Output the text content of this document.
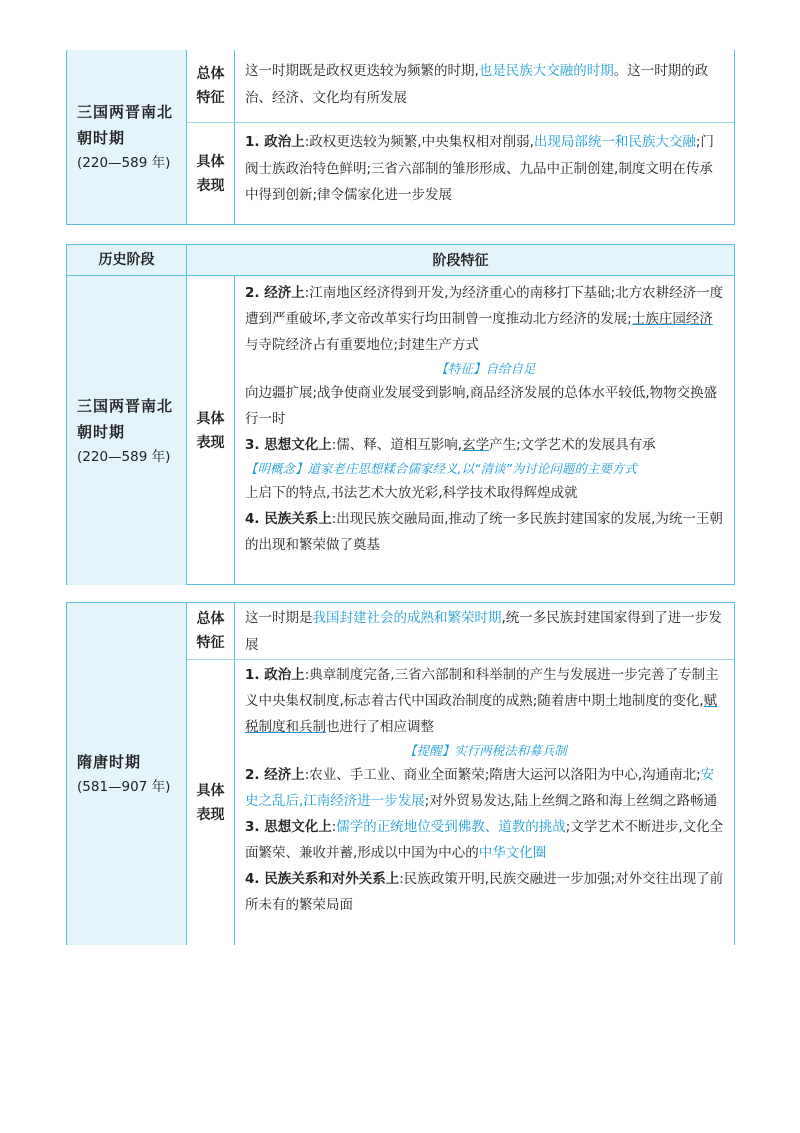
三国两晋南北朝时期
(220—589 年)
总体
特征
这一时期既是政权更迭较为频繁的时期,也是民族大交融的时期。这一时期的政治、经济、文化均有所发展
具体
表现
1. 政治上:政权更迭较为频繁,中央集权相对削弱,出现局部统一和民族大交融;门阀士族政治特色鲜明;三省六部制的雏形形成、九品中正制创建,制度文明在传承中得到创新;律令儒家化进一步发展
历史阶段	阶段特征
三国两晋南北朝时期
(220—589 年)
具体
表现
2. 经济上:江南地区经济得到开发,为经济重心的南移打下基础;北方农耕经济一度遭到严重破坏,孝文帝改革实行均田制曾一度推动北方经济的发展;士族庄园经济与寺院经济占有重要地位;封建生产方式
【特征】自给自足
向边疆扩展;战争使商业发展受到影响,商品经济发展的总体水平较低,物物交换盛行一时
3. 思想文化上:儒、释、道相互影响,玄学产生;文学艺术的发展具有承
【明概念】道家老庄思想糅合儒家经义,以“清谈”为讨论问题的主要方式
上启下的特点,书法艺术大放光彩,科学技术取得辉煌成就
4. 民族关系上:出现民族交融局面,推动了统一多民族封建国家的发展,为统一王朝的出现和繁荣做了奠基
隋唐时期
(581—907 年)
总体
特征
这一时期是我国封建社会的成熟和繁荣时期,统一多民族封建国家得到了进一步发展
具体
表现
1. 政治上:典章制度完备,三省六部制和科举制的产生与发展进一步完善了专制主义中央集权制度,标志着古代中国政治制度的成熟;随着唐中期土地制度的变化,赋税制度和兵制也进行了相应调整
【提醒】实行两税法和募兵制
2. 经济上:农业、手工业、商业全面繁荣;隋唐大运河以洛阳为中心,沟通南北;安史之乱后,江南经济进一步发展;对外贸易发达,陆上丝绸之路和海上丝绸之路畅通
3. 思想文化上:儒学的正统地位受到佛教、道教的挑战;文学艺术不断进步,文化全面繁荣、兼收并蓄,形成以中国为中心的中华文化圈
4. 民族关系和对外关系上:民族政策开明,民族交融进一步加强;对外交往出现了前所未有的繁荣局面
